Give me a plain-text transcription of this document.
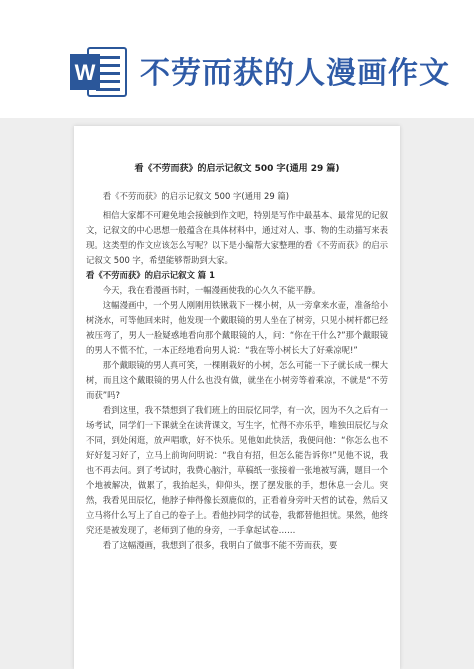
W 不劳而获的人漫画作文

看《不劳而获》的启示记叙文 500 字(通用 29 篇)

看《不劳而获》的启示记叙文 500 字(通用 29 篇)

相信大家都不可避免地会接触到作文吧，特别是写作中最基本、最常见的记叙文，记叙文的中心思想一般蕴含在具体材料中，通过对人、事、物的生动描写来表现。这类型的作文应该怎么写呢？以下是小编帮大家整理的看《不劳而获》的启示记叙文 500 字，希望能够帮助到大家。

看《不劳而获》的启示记叙文 篇 1

今天，我在看漫画书时，一幅漫画使我的心久久不能平静。

这幅漫画中，一个男人刚刚用铁锹栽下一棵小树，从一旁拿来水壶，准备给小树浇水，可等他回来时，他发现一个戴眼镜的男人坐在了树旁，只见小树杆都已经被压弯了，男人一脸疑惑地看向那个戴眼镜的人，问：“你在干什么?”那个戴眼镜的男人不慌不忙，一本正经地看向男人说：“我在等小树长大了好乘凉呢!”

那个戴眼镜的男人真可笑，一棵刚栽好的小树，怎么可能一下子就长成一棵大树，而且这个戴眼镜的男人什么也没有做，就坐在小树旁等着乘凉，不就是“不劳而获”吗?

看到这里，我不禁想到了我们班上的田辰忆同学，有一次，因为不久之后有一场考试，同学们一下课就全在读背课文，写生字，忙得不亦乐乎，唯独田辰忆与众不同，到处闲逛，放声唱歌，好不快乐。见他如此快活，我便问他：“你怎么也不好好复习好了，立马上前询问明说：“我自有招，但怎么能告诉你!”见他不说，我也不再去问。到了考试时，我费心脑汁，草稿纸一张接着一张地被写满，题目一个个地被解决，做累了，我抬起头，仰仰头，摆了摆发胀的手，想休息一会儿。突然，我看见田辰忆，他脖子伸得像长颈鹿似的，正看着身旁叶天哲的试卷，然后又立马将什么写上了自己的卷子上。看他抄同学的试卷，我都替他担忧。果然，他终究还是被发现了，老师到了他的身旁，一手拿起试卷……

看了这幅漫画，我想到了很多，我明白了做事不能不劳而获，要
